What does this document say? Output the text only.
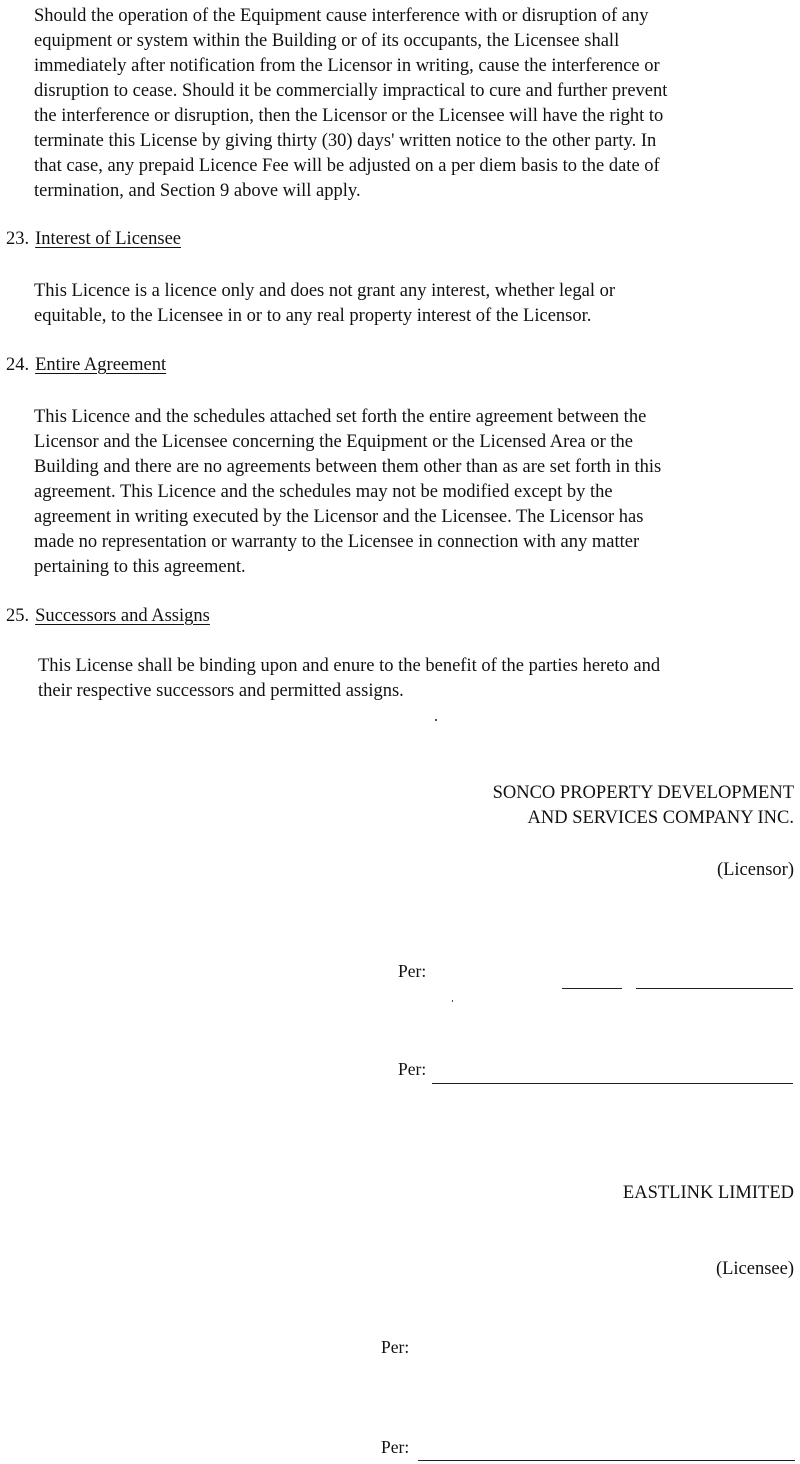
Should the operation of the Equipment cause interference with or disruption of any
equipment or system within the Building or of its occupants, the Licensee shall
immediately after notification from the Licensor in writing, cause the interference or
disruption to cease. Should it be commercially impractical to cure and further prevent
the interference or disruption, then the Licensor or the Licensee will have the right to
terminate this License by giving thirty (30) days' written notice to the other party. In
that case, any prepaid Licence Fee will be adjusted on a per diem basis to the date of
termination, and Section 9 above will apply.
23. Interest of Licensee
This Licence is a licence only and does not grant any interest, whether legal or
equitable, to the Licensee in or to any real property interest of the Licensor.
24. Entire Agreement
This Licence and the schedules attached set forth the entire agreement between the
Licensor and the Licensee concerning the Equipment or the Licensed Area or the
Building and there are no agreements between them other than as are set forth in this
agreement. This Licence and the schedules may not be modified except by the
agreement in writing executed by the Licensor and the Licensee. The Licensor has
made no representation or warranty to the Licensee in connection with any matter
pertaining to this agreement.
25. Successors and Assigns
This License shall be binding upon and enure to the benefit of the parties hereto and
their respective successors and permitted assigns.
SONCO PROPERTY DEVELOPMENT
AND SERVICES COMPANY INC.
(Licensor)
Per:
Per:
EASTLINK LIMITED
(Licensee)
Per:
Per:
